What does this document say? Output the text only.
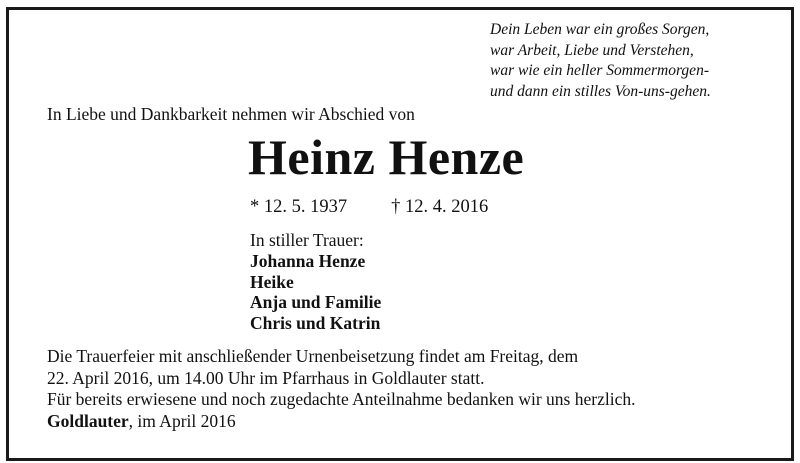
Dein Leben war ein großes Sorgen,
war Arbeit, Liebe und Verstehen,
war wie ein heller Sommermorgen-
und dann ein stilles Von-uns-gehen.
In Liebe und Dankbarkeit nehmen wir Abschied von
Heinz Henze
* 12. 5. 1937 † 12. 4. 2016
In stiller Trauer:
Johanna Henze
Heike
Anja und Familie
Chris und Katrin
Die Trauerfeier mit anschließender Urnenbeisetzung findet am Freitag, dem
22. April 2016, um 14.00 Uhr im Pfarrhaus in Goldlauter statt.
Für bereits erwiesene und noch zugedachte Anteilnahme bedanken wir uns herzlich.
Goldlauter, im April 2016
